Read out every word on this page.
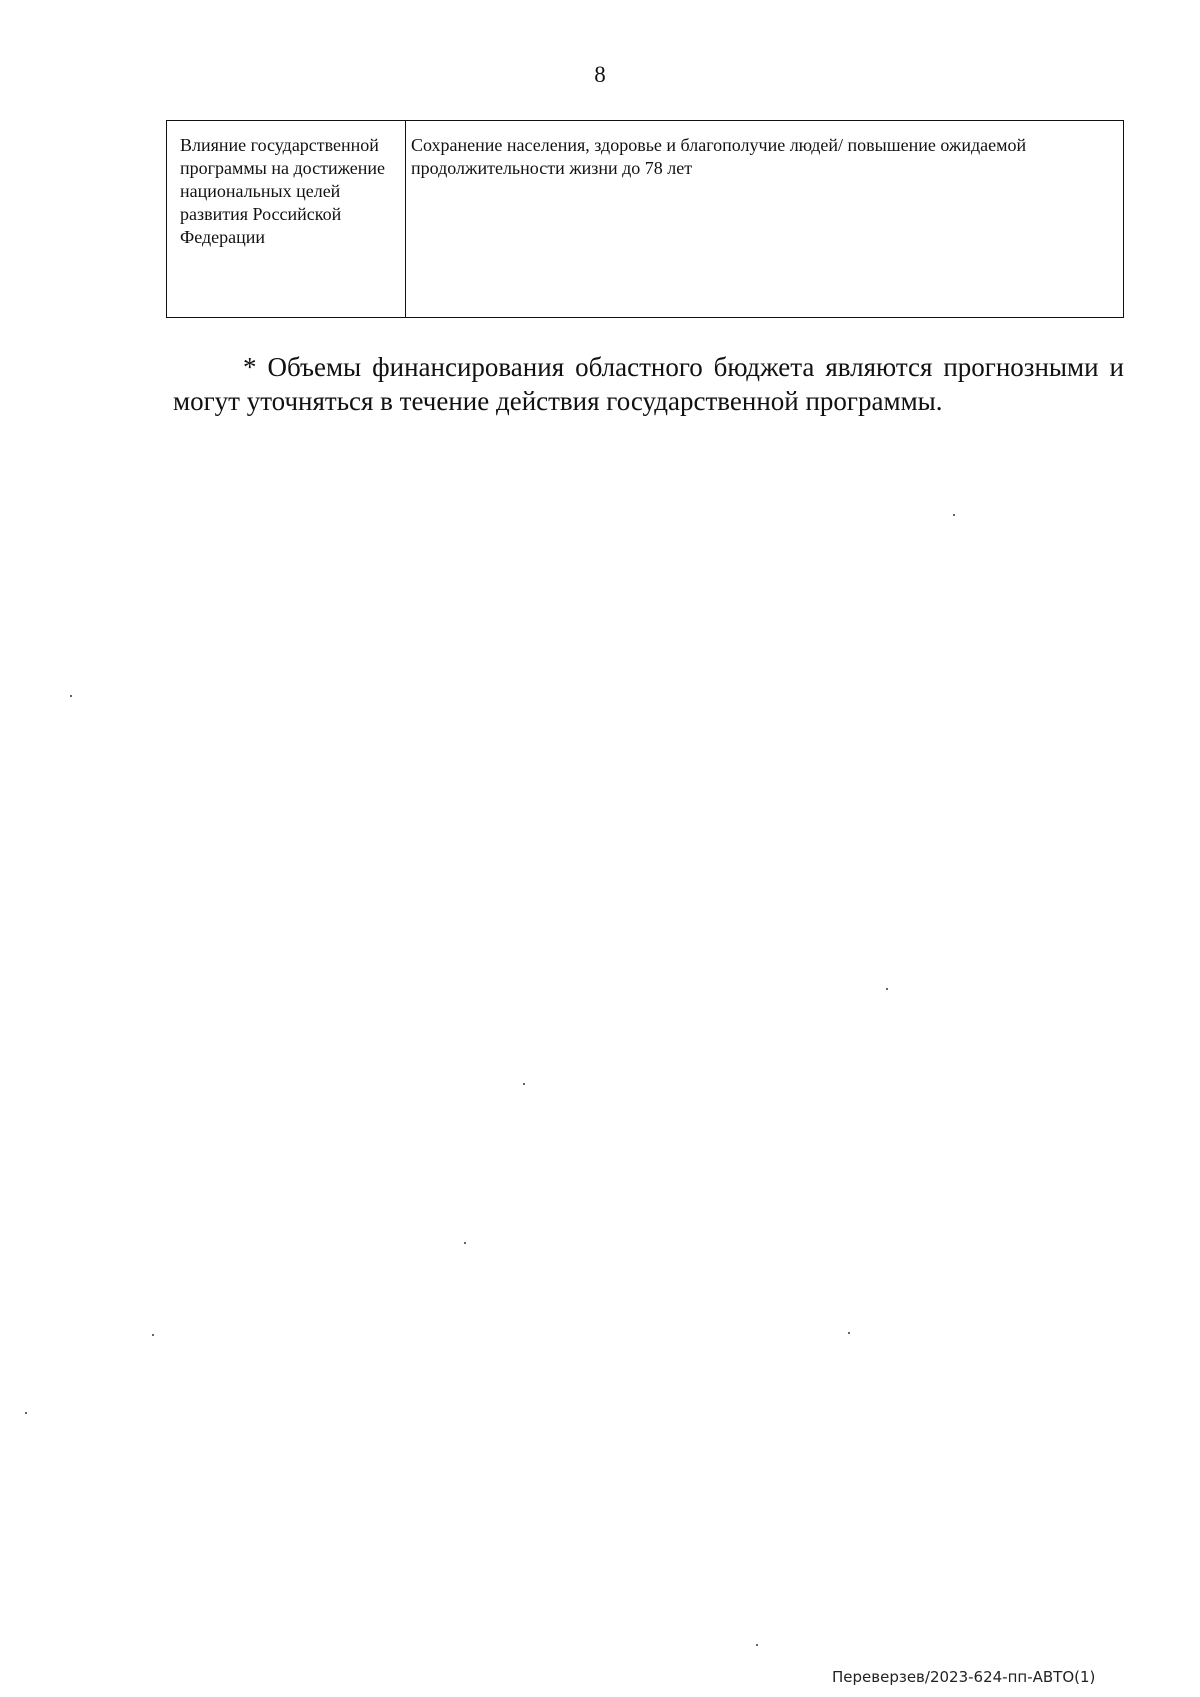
8
Влияние государственной программы на достижение национальных целей развития Российской Федерации	Сохранение населения, здоровье и благополучие людей/ повышение ожидаемой продолжительности жизни до 78 лет

* Объемы финансирования областного бюджета являются прогнозными и могут уточняться в течение действия государственной программы.

Переверзев/2023-624-пп-АВТО(1)
